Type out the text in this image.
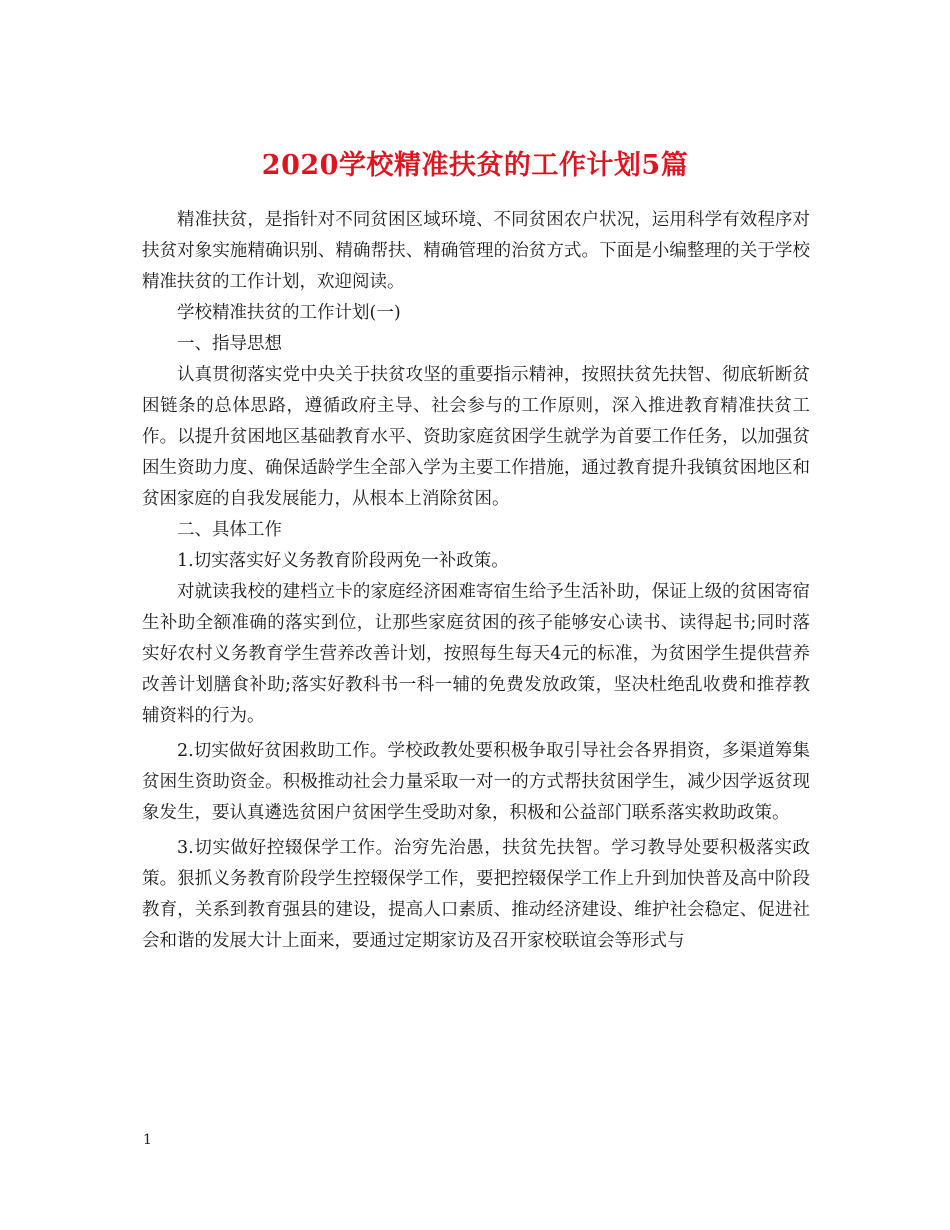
2020学校精准扶贫的工作计划5篇

精准扶贫，是指针对不同贫困区域环境、不同贫困农户状况，运用科学有效程序对扶贫对象实施精确识别、精确帮扶、精确管理的治贫方式。下面是小编整理的关于学校精准扶贫的工作计划，欢迎阅读。

学校精准扶贫的工作计划(一)

一、指导思想

认真贯彻落实党中央关于扶贫攻坚的重要指示精神，按照扶贫先扶智、彻底斩断贫困链条的总体思路，遵循政府主导、社会参与的工作原则，深入推进教育精准扶贫工作。以提升贫困地区基础教育水平、资助家庭贫困学生就学为首要工作任务，以加强贫困生资助力度、确保适龄学生全部入学为主要工作措施，通过教育提升我镇贫困地区和贫困家庭的自我发展能力，从根本上消除贫困。

二、具体工作

1.切实落实好义务教育阶段两免一补政策。

对就读我校的建档立卡的家庭经济困难寄宿生给予生活补助，保证上级的贫困寄宿生补助全额准确的落实到位，让那些家庭贫困的孩子能够安心读书、读得起书;同时落实好农村义务教育学生营养改善计划，按照每生每天4元的标准，为贫困学生提供营养改善计划膳食补助;落实好教科书一科一辅的免费发放政策，坚决杜绝乱收费和推荐教辅资料的行为。

2.切实做好贫困救助工作。学校政教处要积极争取引导社会各界捐资，多渠道筹集贫困生资助资金。积极推动社会力量采取一对一的方式帮扶贫困学生，减少因学返贫现象发生，要认真遴选贫困户贫困学生受助对象，积极和公益部门联系落实救助政策。

3.切实做好控辍保学工作。治穷先治愚，扶贫先扶智。学习教导处要积极落实政策。狠抓义务教育阶段学生控辍保学工作，要把控辍保学工作上升到加快普及高中阶段教育，关系到教育强县的建设，提高人口素质、推动经济建设、维护社会稳定、促进社会和谐的发展大计上面来，要通过定期家访及召开家校联谊会等形式与

1
